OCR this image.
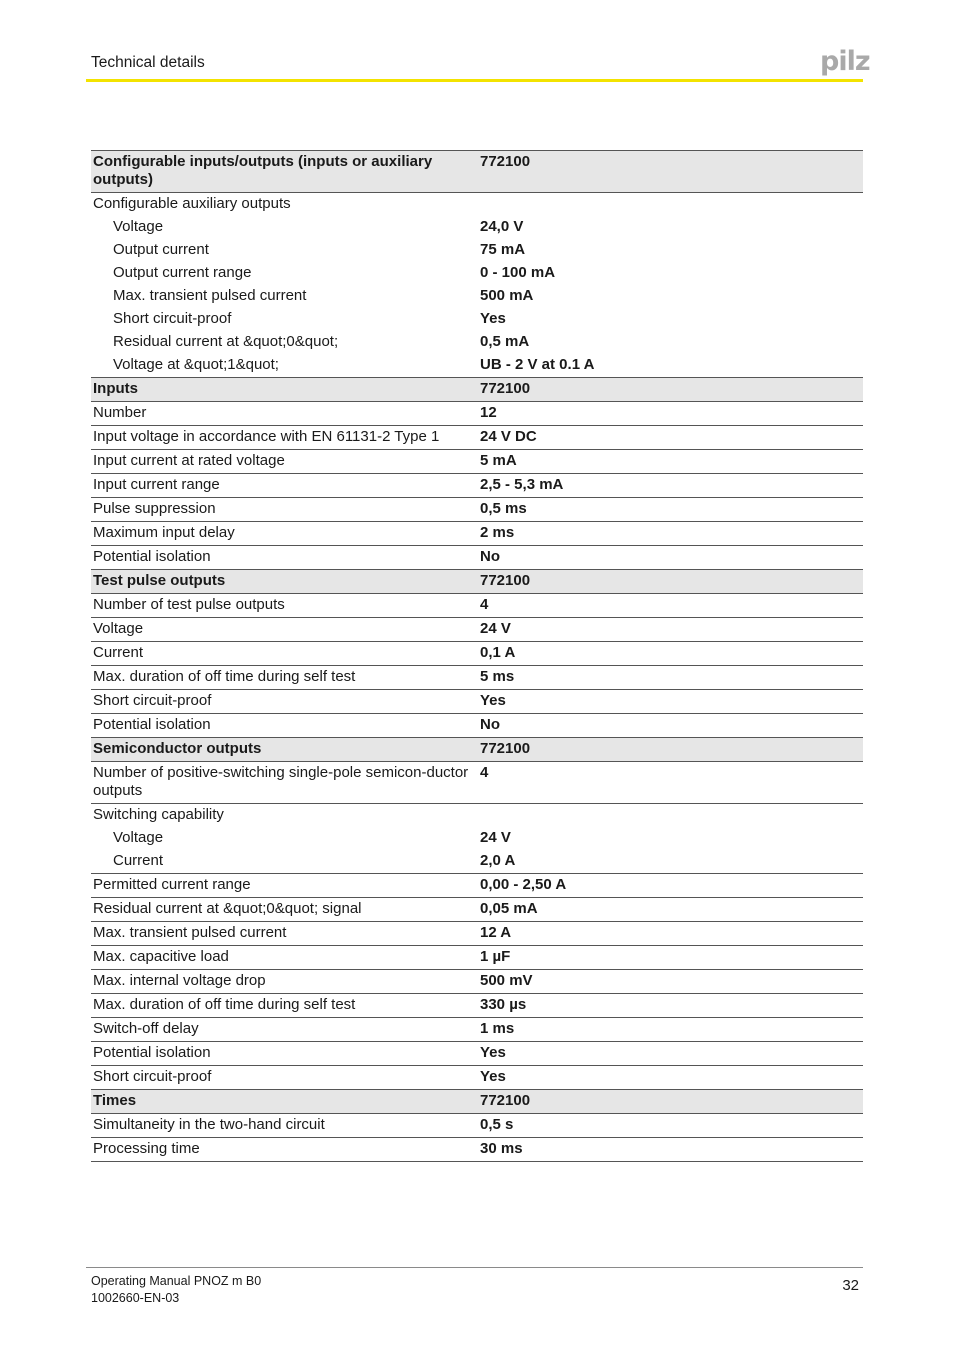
Technical details	pilz
Configurable inputs/outputs (inputs or auxiliary outputs)	772100
Configurable auxiliary outputs	
Voltage	24,0 V
Output current	75 mA
Output current range	0 - 100 mA
Max. transient pulsed current	500 mA
Short circuit-proof	Yes
Residual current at &quot;0&quot;	0,5 mA
Voltage at &quot;1&quot;	UB - 2 V at 0.1 A
Inputs	772100
Number	12
Input voltage in accordance with EN 61131-2 Type 1	24 V DC
Input current at rated voltage	5 mA
Input current range	2,5 - 5,3 mA
Pulse suppression	0,5 ms
Maximum input delay	2 ms
Potential isolation	No
Test pulse outputs	772100
Number of test pulse outputs	4
Voltage	24 V
Current	0,1 A
Max. duration of off time during self test	5 ms
Short circuit-proof	Yes
Potential isolation	No
Semiconductor outputs	772100
Number of positive-switching single-pole semicon-ductor outputs	4
Switching capability	
Voltage	24 V
Current	2,0 A
Permitted current range	0,00 - 2,50 A
Residual current at &quot;0&quot; signal	0,05 mA
Max. transient pulsed current	12 A
Max. capacitive load	1 µF
Max. internal voltage drop	500 mV
Max. duration of off time during self test	330 µs
Switch-off delay	1 ms
Potential isolation	Yes
Short circuit-proof	Yes
Times	772100
Simultaneity in the two-hand circuit	0,5 s
Processing time	30 ms
Operating Manual PNOZ m B0
1002660-EN-03
32
